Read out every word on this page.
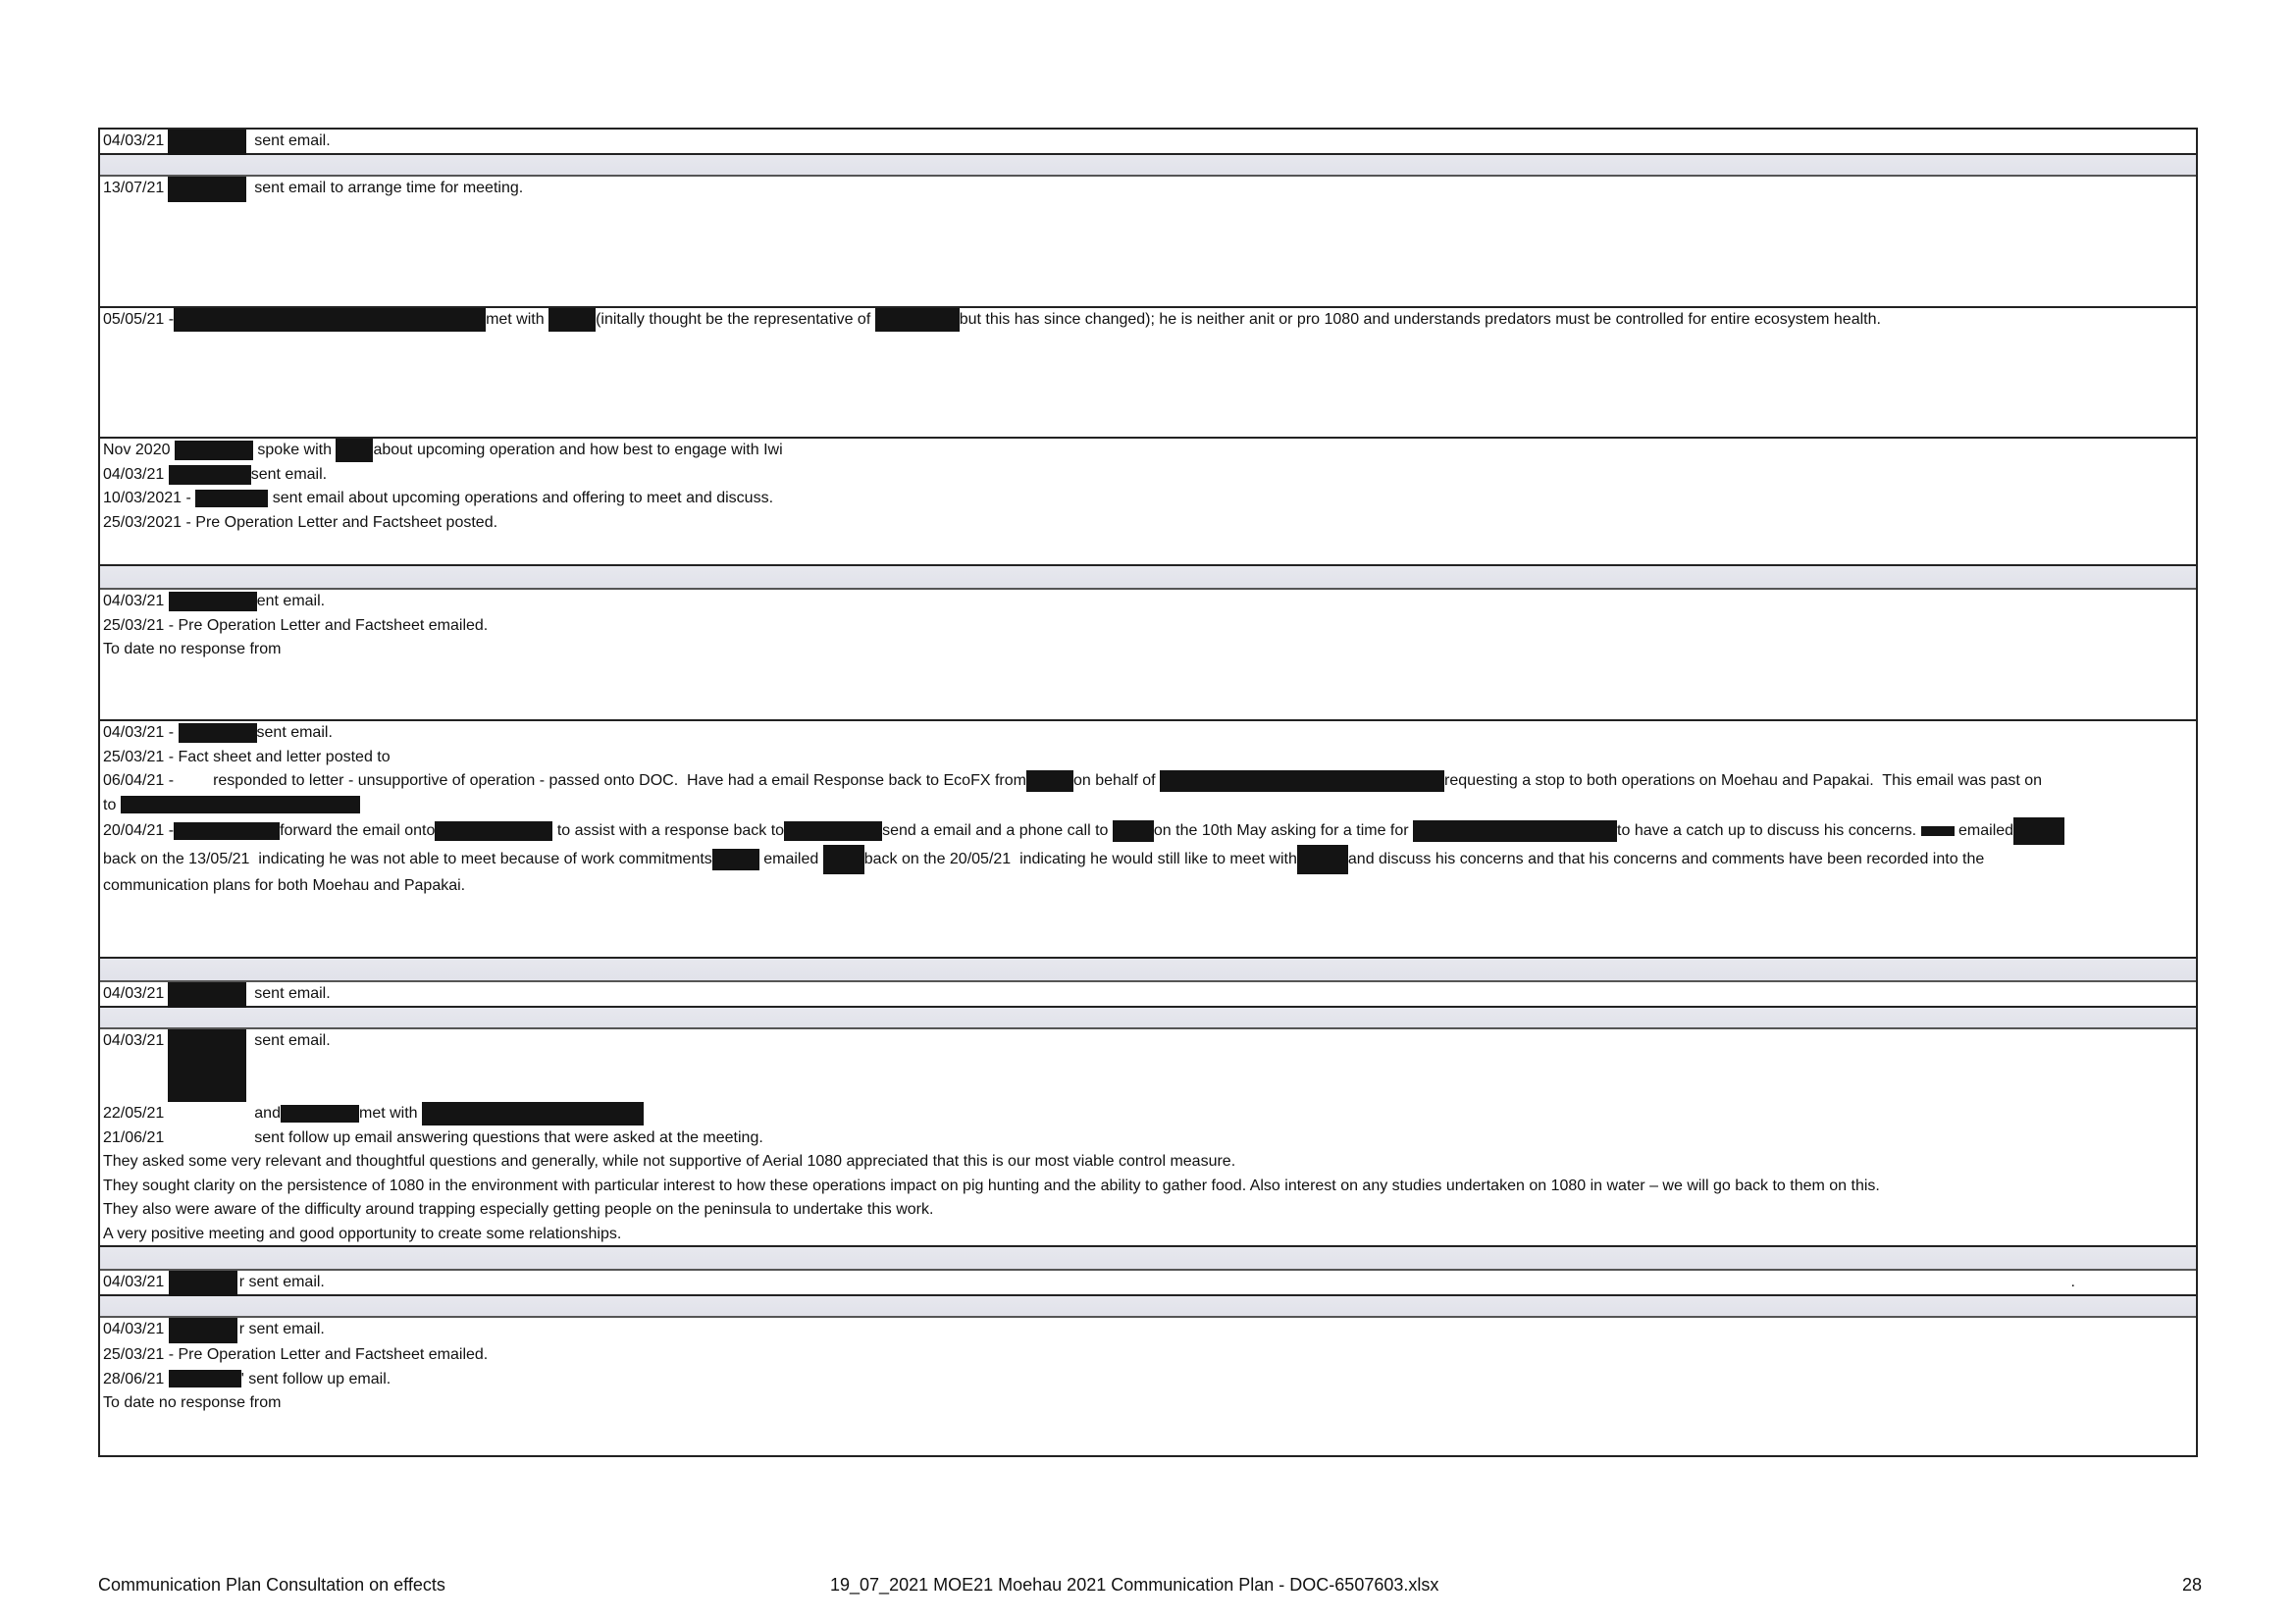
04/03/21	sent email.
13/07/21	sent email to arrange time for meeting.
05/05/21 -	met with	(initally thought be the representative of	but this has since changed); he is neither anit or pro 1080 and understands predators must be controlled for entire ecosystem health.
Nov 2020	spoke with	about upcoming operation and how best to engage with Iwi
04/03/21	sent email.
10/03/2021 -	sent email about upcoming operations and offering to meet and discuss.
25/03/2021 - Pre Operation Letter and Factsheet posted.
04/03/21	ent email.
25/03/21 - Pre Operation Letter and Factsheet emailed.
To date no response from
04/03/21 -	sent email.
25/03/21 - Fact sheet and letter posted to
06/04/21 -	responded to letter - unsupportive of operation - passed onto DOC.  Have had a email Response back to EcoFX from	on behalf of	requesting a stop to both operations on Moehau and Papakai.  This email was past on
to
20/04/21 -	forward the email onto	to assist with a response back to	send a email and a phone call to	on the 10th May asking for a time for	to have a catch up to discuss his concerns.	emailed
back on the 13/05/21  indicating he was not able to meet because of work commitments	emailed	back on the 20/05/21  indicating he would still like to meet with	and discuss his concerns and that his concerns and comments have been recorded into the
communication plans for both Moehau and Papakai.
04/03/21	sent email.
04/03/21	sent email.
22/05/21	and	met with
21/06/21	sent follow up email answering questions that were asked at the meeting.
They asked some very relevant and thoughtful questions and generally, while not supportive of Aerial 1080 appreciated that this is our most viable control measure.
They sought clarity on the persistence of 1080 in the environment with particular interest to how these operations impact on pig hunting and the ability to gather food. Also interest on any studies undertaken on 1080 in water – we will go back to them on this.
They also were aware of the difficulty around trapping especially getting people on the peninsula to undertake this work.
A very positive meeting and good opportunity to create some relationships.
04/03/21	r sent email.	.
04/03/21	r sent email.
25/03/21 - Pre Operation Letter and Factsheet emailed.
28/06/21	' sent follow up email.
To date no response from
Communication Plan Consultation on effects	19_07_2021 MOE21 Moehau 2021 Communication Plan - DOC-6507603.xlsx	28
